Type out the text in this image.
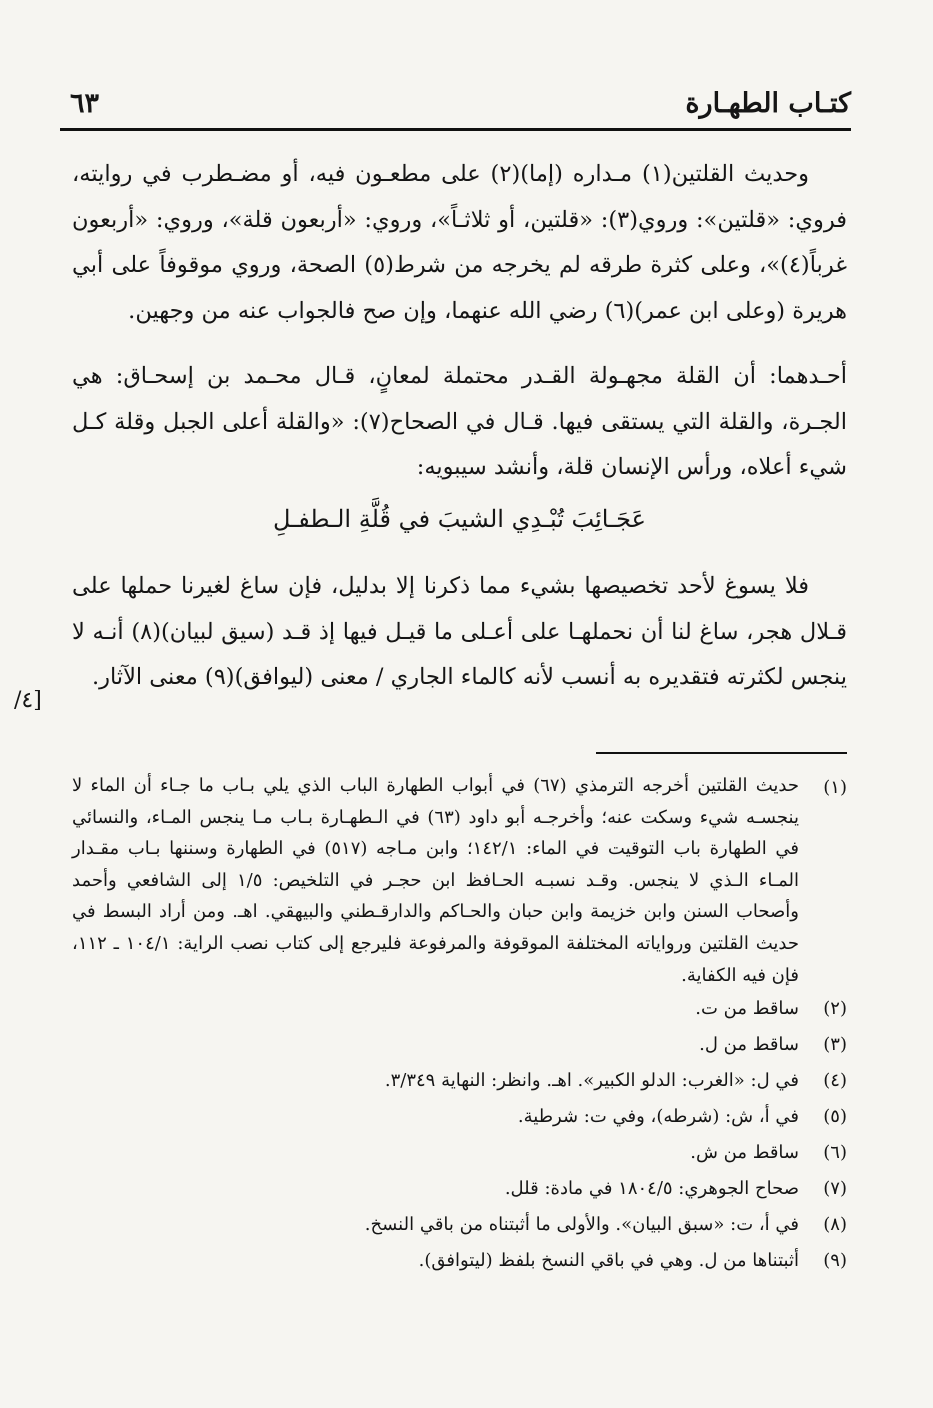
كتـاب الطهـارة
٦٣

وحديث القلتين(١) مـداره (إما)(٢) على مطعـون فيه، أو مضـطرب في روايته، فروي: «قلتين»: وروي(٣): «قلتين، أو ثلاثـاً»، وروي: «أربعون قلة»، وروي: «أربعون غرباً(٤)»، وعلى كثرة طرقه لم يخرجه من شرط(٥) الصحة، وروي موقوفاً على أبي هريرة (وعلى ابن عمر)(٦) رضي الله عنهما، وإن صح فالجواب عنه من وجهين.

أحـدهما: أن القلة مجهـولة القـدر محتملة لمعانٍ، قـال محـمد بن إسحـاق: هي الجـرة، والقلة التي يستقى فيها. قـال في الصحاح(٧): «والقلة أعلى الجبل وقلة كـل شيء أعلاه، ورأس الإنسان قلة، وأنشد سيبويه:

عَجَـائِبَ تُبْـدِي الشيبَ في قُلَّةِ الـطفـلِ

فلا يسوغ لأحد تخصيصها بشيء مما ذكرنا إلا بدليل، فإن ساغ لغيرنا حملها على قـلال هجر، ساغ لنا أن نحملهـا على أعـلى ما قيـل فيها إذ قـد (سيق لبيان)(٨) أنـه لا ينجس لكثرته فتقديره به أنسب لأنه كالماء الجاري / معنى (ليوافق)(٩) معنى الآثار.

[٤/
(١)
حديث القلتين أخرجه الترمذي (٦٧) في أبواب الطهارة الباب الذي يلي بـاب ما جـاء أن الماء لا ينجسـه شيء وسكت عنه؛ وأخرجـه أبو داود (٦٣) في الـطهـارة بـاب مـا ينجس المـاء، والنسائي في الطهارة باب التوقيت في الماء: ١٤٢/١؛ وابن مـاجه (٥١٧) في الطهارة وسننها بـاب مقـدار المـاء الـذي لا ينجس. وقـد نسبـه الحـافظ ابن حجـر في التلخيص: ١/٥ إلى الشافعي وأحمد وأصحاب السنن وابن خزيمة وابن حبان والحـاكم والدارقـطني والبيهقي. اهـ. ومن أراد البسط في حديث القلتين ورواياته المختلفة الموقوفة والمرفوعة فليرجع إلى كتاب نصب الراية: ١٠٤/١ ـ ١١٢، فإن فيه الكفاية.
(٢)
ساقط من ت.
(٣)
ساقط من ل.
(٤)
في ل: «الغرب: الدلو الكبير». اهـ. وانظر: النهاية ٣/٣٤٩.
(٥)
في أ، ش: (شرطه)، وفي ت: شرطية.
(٦)
ساقط من ش.
(٧)
صحاح الجوهري: ١٨٠٤/٥ في مادة: قلل.
(٨)
في أ، ت: «سبق البيان». والأولى ما أثبتناه من باقي النسخ.
(٩)
أثبتناها من ل. وهي في باقي النسخ بلفظ (ليتوافق).
